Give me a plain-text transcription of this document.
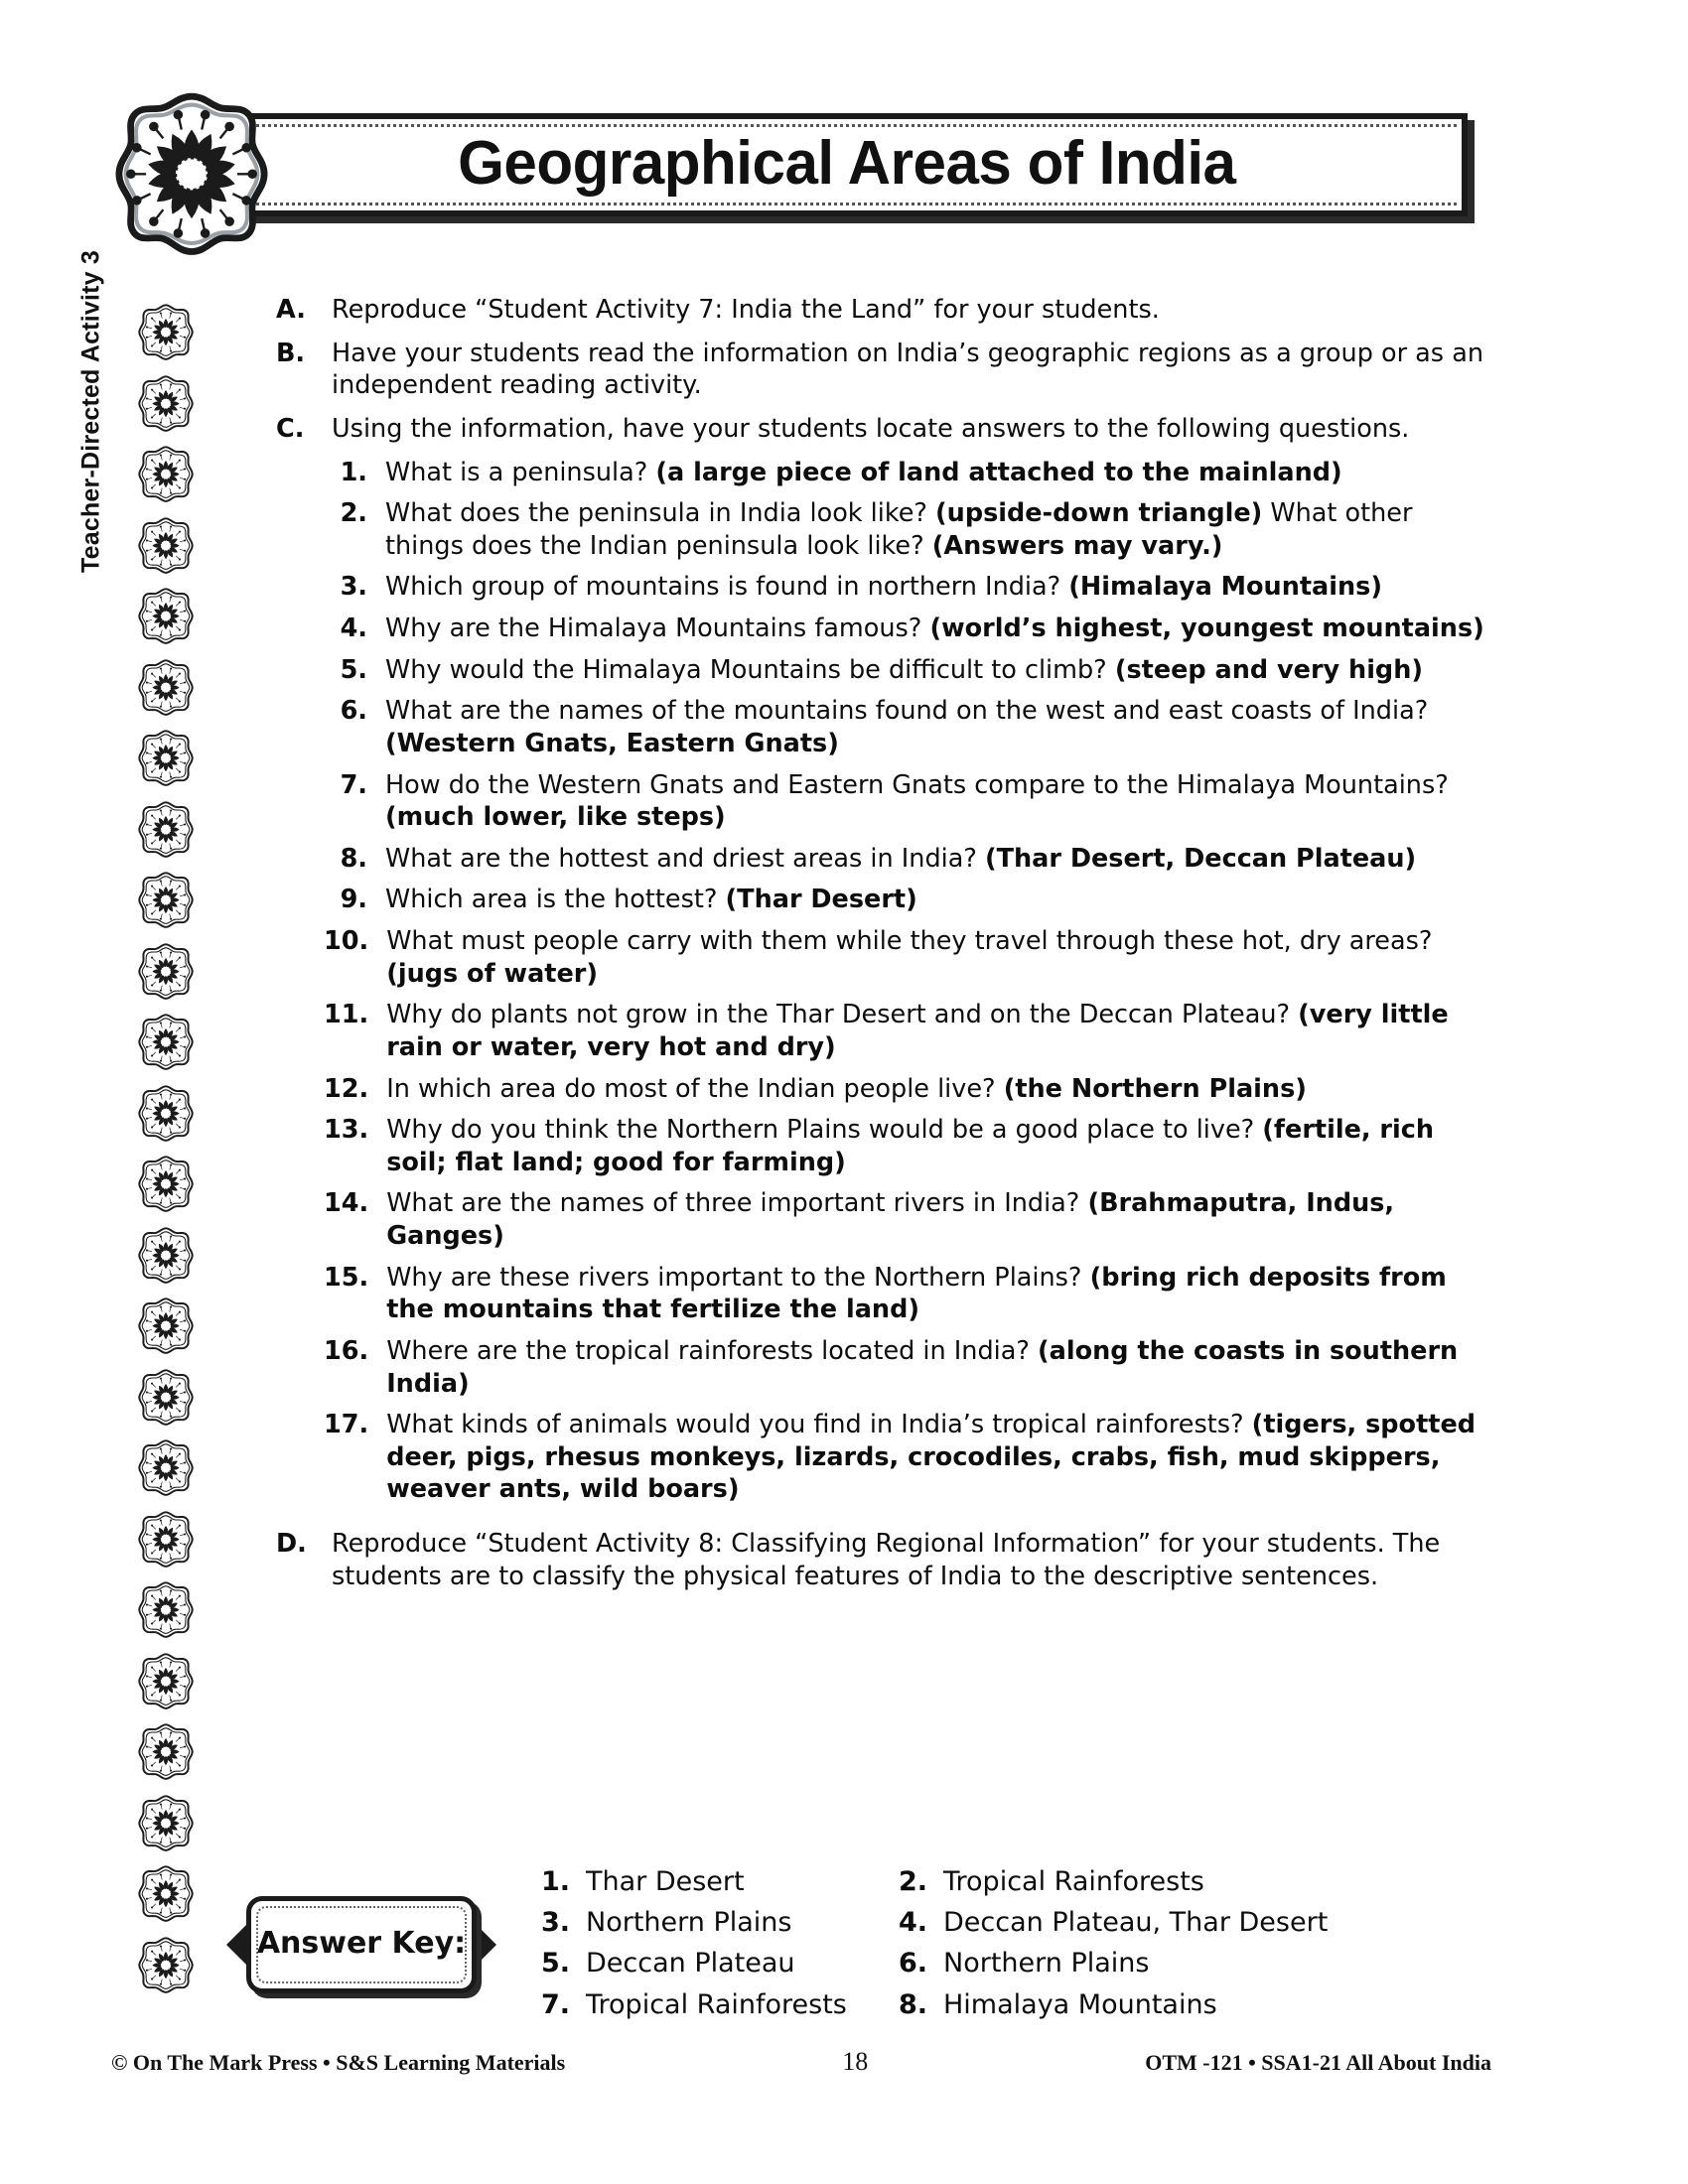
Teacher-Directed Activity 3
Geographical Areas of India
A.	Reproduce “Student Activity 7: India the Land” for your students.
B.	Have your students read the information on India’s geographic regions as a group or as an independent reading activity.
C.	Using the information, have your students locate answers to the following questions.
1. What is a peninsula? (a large piece of land attached to the mainland)
2. What does the peninsula in India look like? (upside-down triangle) What other things does the Indian peninsula look like? (Answers may vary.)
3. Which group of mountains is found in northern India? (Himalaya Mountains)
4. Why are the Himalaya Mountains famous? (world’s highest, youngest mountains)
5. Why would the Himalaya Mountains be difficult to climb? (steep and very high)
6. What are the names of the mountains found on the west and east coasts of India? (Western Gnats, Eastern Gnats)
7. How do the Western Gnats and Eastern Gnats compare to the Himalaya Mountains? (much lower, like steps)
8. What are the hottest and driest areas in India? (Thar Desert, Deccan Plateau)
9. Which area is the hottest? (Thar Desert)
10. What must people carry with them while they travel through these hot, dry areas? (jugs of water)
11. Why do plants not grow in the Thar Desert and on the Deccan Plateau? (very little rain or water, very hot and dry)
12. In which area do most of the Indian people live? (the Northern Plains)
13. Why do you think the Northern Plains would be a good place to live? (fertile, rich soil; flat land; good for farming)
14. What are the names of three important rivers in India? (Brahmaputra, Indus, Ganges)
15. Why are these rivers important to the Northern Plains? (bring rich deposits from the mountains that fertilize the land)
16. Where are the tropical rainforests located in India? (along the coasts in southern India)
17. What kinds of animals would you find in India’s tropical rainforests? (tigers, spotted deer, pigs, rhesus monkeys, lizards, crocodiles, crabs, fish, mud skippers, weaver ants, wild boars)
D. Reproduce “Student Activity 8: Classifying Regional Information” for your students. The students are to classify the physical features of India to the descriptive sentences.
Answer Key:
1. Thar Desert	2. Tropical Rainforests
3. Northern Plains	4. Deccan Plateau, Thar Desert
5. Deccan Plateau	6. Northern Plains
7. Tropical Rainforests 8. Himalaya Mountains
© On The Mark Press • S&S Learning Materials	18	OTM -121 • SSA1-21 All About India
